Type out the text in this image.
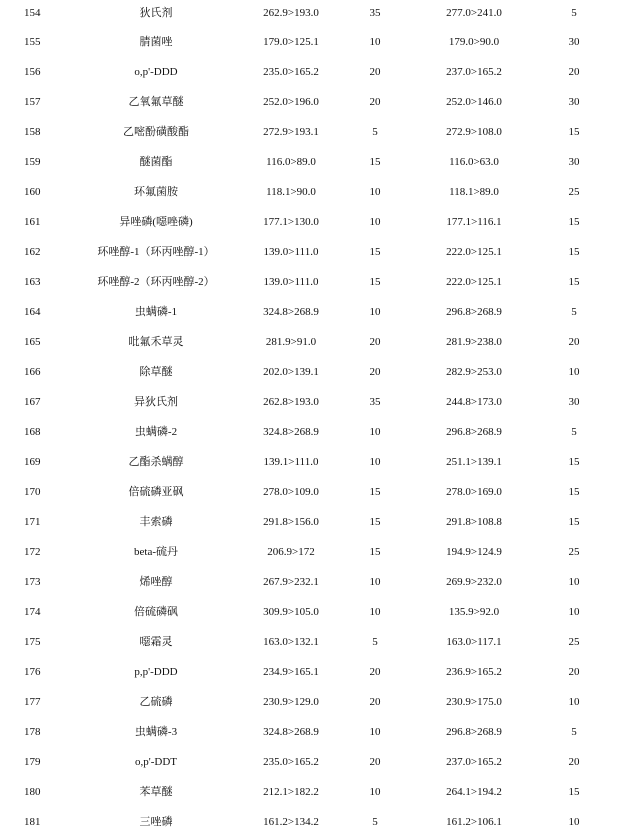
154	狄氏剂	262.9>193.0	35	277.0>241.0	5
155	腈菌唑	179.0>125.1	10	179.0>90.0	30
156	o,p'-DDD	235.0>165.2	20	237.0>165.2	20
157	乙氧氟草醚	252.0>196.0	20	252.0>146.0	30
158	乙嘧酚磺酸酯	272.9>193.1	5	272.9>108.0	15
159	醚菌酯	116.0>89.0	15	116.0>63.0	30
160	环氟菌胺	118.1>90.0	10	118.1>89.0	25
161	异唑磷(噁唑磷)	177.1>130.0	10	177.1>116.1	15
162	环唑醇-1（环丙唑醇-1）	139.0>111.0	15	222.0>125.1	15
163	环唑醇-2（环丙唑醇-2）	139.0>111.0	15	222.0>125.1	15
164	虫螨磷-1	324.8>268.9	10	296.8>268.9	5
165	吡氟禾草灵	281.9>91.0	20	281.9>238.0	20
166	除草醚	202.0>139.1	20	282.9>253.0	10
167	异狄氏剂	262.8>193.0	35	244.8>173.0	30
168	虫螨磷-2	324.8>268.9	10	296.8>268.9	5
169	乙酯杀螨醇	139.1>111.0	10	251.1>139.1	15
170	倍硫磷亚砜	278.0>109.0	15	278.0>169.0	15
171	丰索磷	291.8>156.0	15	291.8>108.8	15
172	beta-硫丹	206.9>172	15	194.9>124.9	25
173	烯唑醇	267.9>232.1	10	269.9>232.0	10
174	倍硫磷砜	309.9>105.0	10	135.9>92.0	10
175	噁霜灵	163.0>132.1	5	163.0>117.1	25
176	p,p'-DDD	234.9>165.1	20	236.9>165.2	20
177	乙硫磷	230.9>129.0	20	230.9>175.0	10
178	虫螨磷-3	324.8>268.9	10	296.8>268.9	5
179	o,p'-DDT	235.0>165.2	20	237.0>165.2	20
180	苯草醚	212.1>182.2	10	264.1>194.2	15
181	三唑磷	161.2>134.2	5	161.2>106.1	10
